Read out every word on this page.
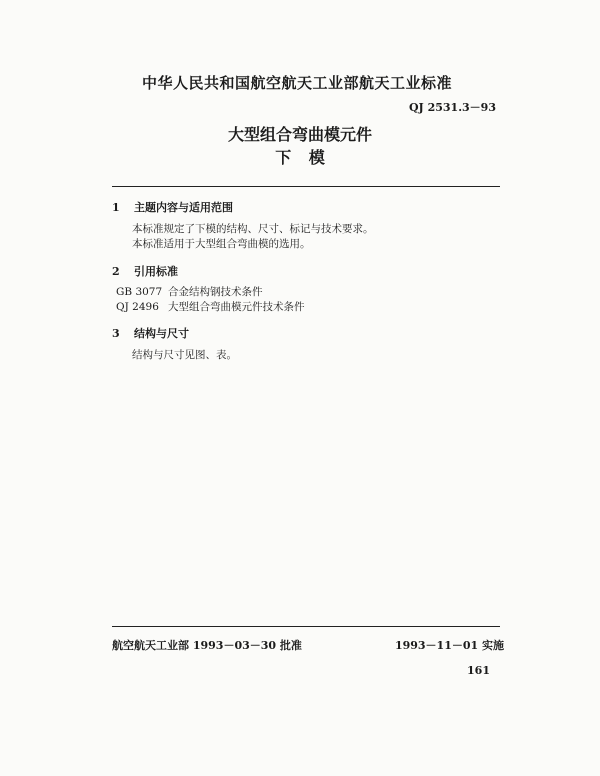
中华人民共和国航空航天工业部航天工业标准
QJ 2531.3－93
大型组合弯曲模元件
下 模
1 主题内容与适用范围
本标准规定了下模的结构、尺寸、标记与技术要求。
本标准适用于大型组合弯曲模的选用。
2 引用标准
GB 3077 合金结构钢技术条件
QJ 2496 大型组合弯曲模元件技术条件
3 结构与尺寸
结构与尺寸见图、表。
航空航天工业部 1993－03－30 批准	1993－11－01 实施
161
